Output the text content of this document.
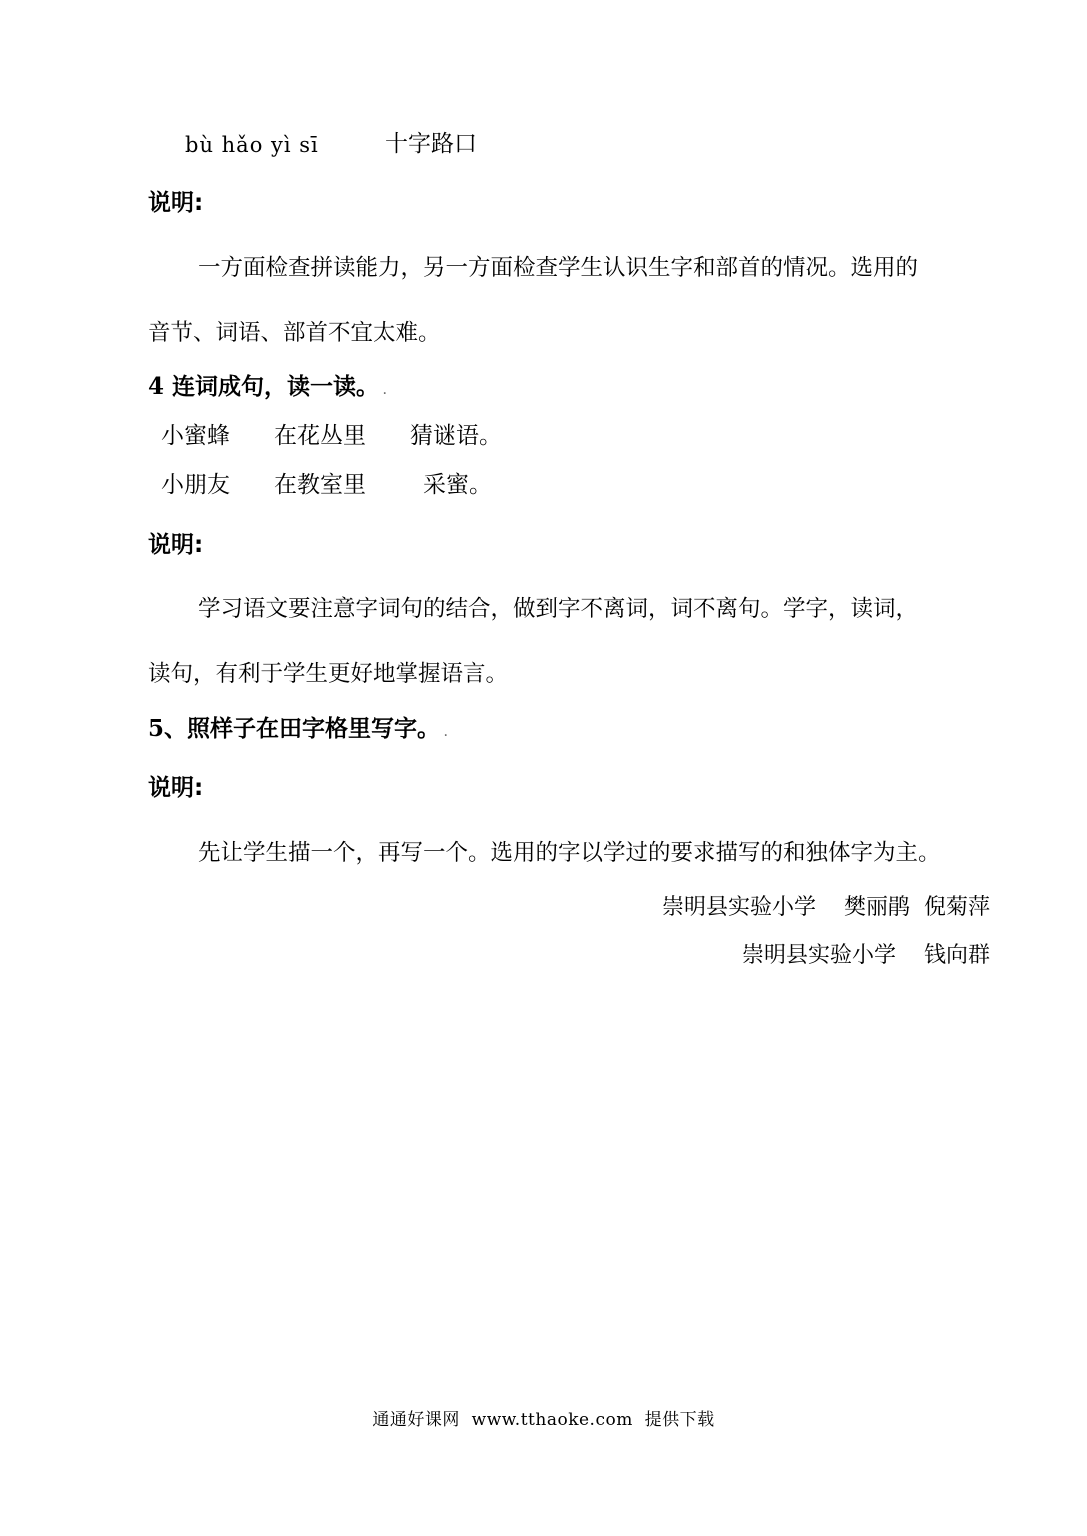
bù hǎo yì sī	十字路口
说明:
一方面检查拼读能力，另一方面检查学生认识生字和部首的情况。选用的
音节、词语、部首不宜太难。
4 连词成句，读一读。 .
小蜜蜂 在花丛里 猜谜语。
小朋友 在教室里 采蜜。
说明:
学习语文要注意字词句的结合，做到字不离词，词不离句。学字，读词，
读句，有利于学生更好地掌握语言。
5、照样子在田字格里写字。 .
说明:
先让学生描一个，再写一个。选用的字以学过的要求描写的和独体字为主。
崇明县实验小学    樊丽鹃  倪菊萍
崇明县实验小学    钱向群
通通好课网  www.tthaoke.com  提供下载
